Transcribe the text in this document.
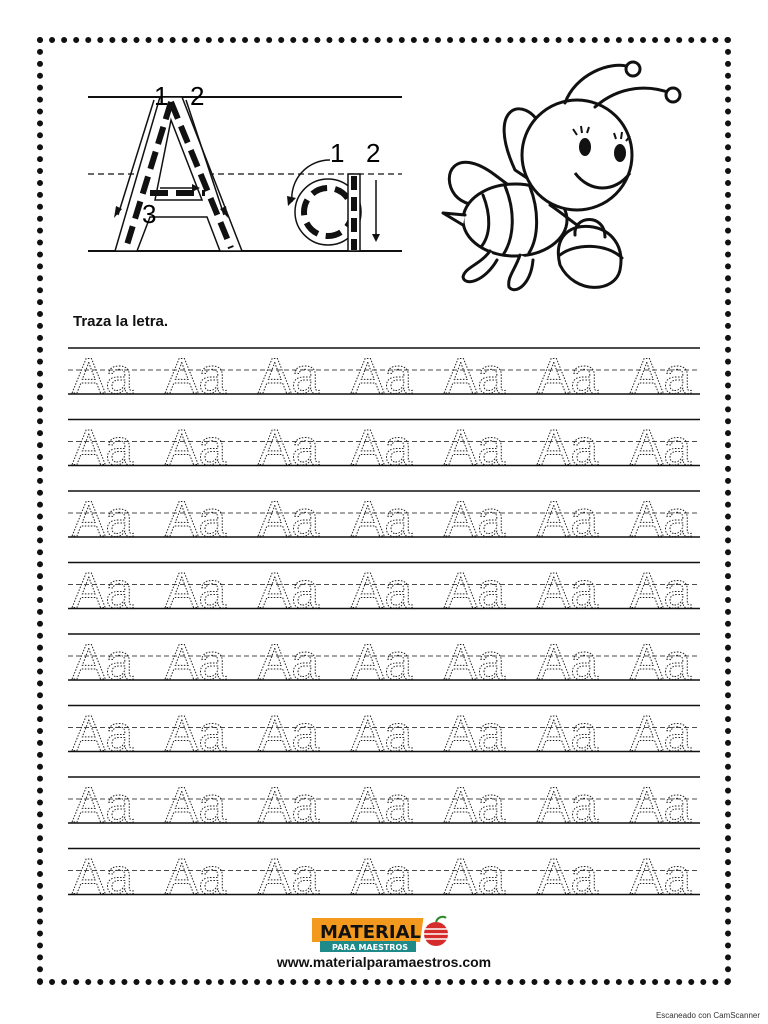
1 2
3
1 2
Traza la letra.
Aa Aa Aa Aa Aa Aa Aa
Aa Aa Aa Aa Aa Aa Aa
Aa Aa Aa Aa Aa Aa Aa
Aa Aa Aa Aa Aa Aa Aa
Aa Aa Aa Aa Aa Aa Aa
Aa Aa Aa Aa Aa Aa Aa
Aa Aa Aa Aa Aa Aa Aa
Aa Aa Aa Aa Aa Aa Aa
MATERIAL
PARA MAESTROS
www.materialparamaestros.com
Escaneado con CamScanner
